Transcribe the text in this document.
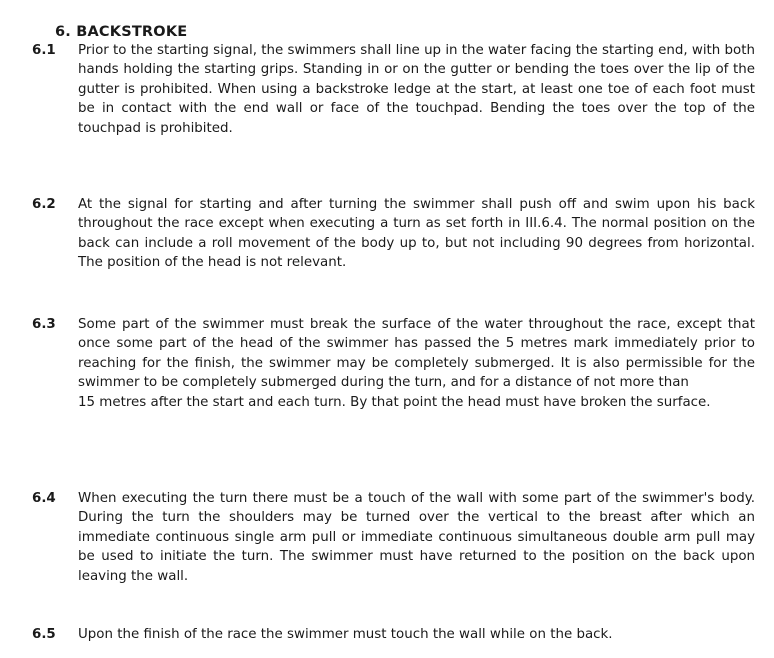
6. BACKSTROKE
6.1 Prior to the starting signal, the swimmers shall line up in the water facing the starting end, with both hands holding the starting grips. Standing in or on the gutter or bending the toes over the lip of the gutter is prohibited. When using a backstroke ledge at the start, at least one toe of each foot must be in contact with the end wall or face of the touchpad. Bending the toes over the top of the touchpad is prohibited.

6.2 At the signal for starting and after turning the swimmer shall push off and swim upon his back throughout the race except when executing a turn as set forth in III.6.4. The normal position on the back can include a roll movement of the body up to, but not including 90 degrees from horizontal. The position of the head is not relevant.

6.3 Some part of the swimmer must break the surface of the water throughout the race, except that once some part of the head of the swimmer has passed the 5 metres mark immediately prior to reaching for the finish, the swimmer may be completely submerged. It is also permissible for the swimmer to be completely submerged during the turn, and for a distance of not more than
15 metres after the start and each turn. By that point the head must have broken the surface.

6.4 When executing the turn there must be a touch of the wall with some part of the swimmer's body. During the turn the shoulders may be turned over the vertical to the breast after which an immediate continuous single arm pull or immediate continuous simultaneous double arm pull may be used to initiate the turn. The swimmer must have returned to the position on the back upon leaving the wall.

6.5 Upon the finish of the race the swimmer must touch the wall while on the back.
